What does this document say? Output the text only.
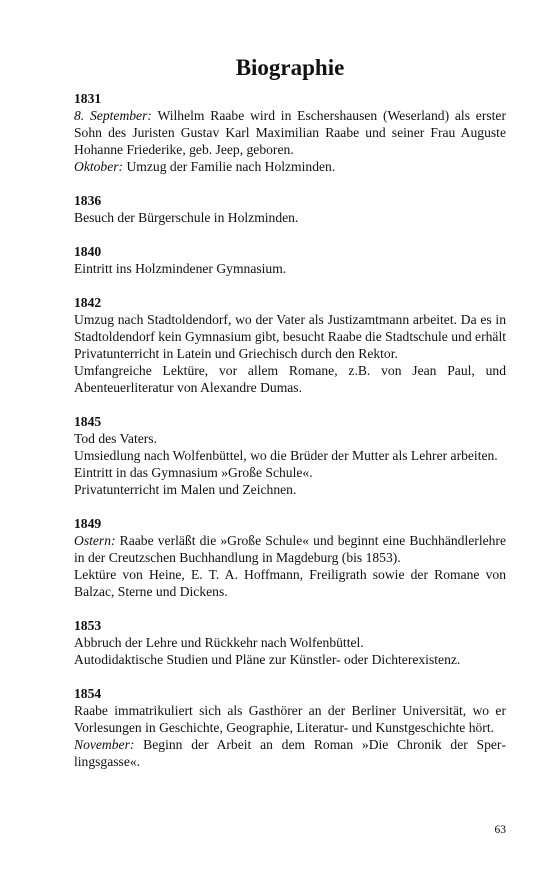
Biographie
1831
8. September: Wilhelm Raabe wird in Eschershausen (Weserland) als erster Sohn des Juristen Gustav Karl Maximilian Raabe und seiner Frau Auguste Hohanne Friederike, geb. Jeep, geboren.
Oktober: Umzug der Familie nach Holzminden.
1836
Besuch der Bürgerschule in Holzminden.
1840
Eintritt ins Holzmindener Gymnasium.
1842
Umzug nach Stadtoldendorf, wo der Vater als Justizamtmann arbeitet. Da es in Stadtoldendorf kein Gymnasium gibt, besucht Raabe die Stadtschule und erhält Privatunterricht in Latein und Griechisch durch den Rektor.
Umfangreiche Lektüre, vor allem Romane, z.B. von Jean Paul, und Abenteuerliteratur von Alexandre Dumas.
1845
Tod des Vaters.
Umsiedlung nach Wolfenbüttel, wo die Brüder der Mutter als Lehrer arbeiten.
Eintritt in das Gymnasium »Große Schule«.
Privatunterricht im Malen und Zeichnen.
1849
Ostern: Raabe verläßt die »Große Schule« und beginnt eine Buchhändlerlehre in der Creutzschen Buchhandlung in Magdeburg (bis 1853).
Lektüre von Heine, E. T. A. Hoffmann, Freiligrath sowie der Romane von Balzac, Sterne und Dickens.
1853
Abbruch der Lehre und Rückkehr nach Wolfenbüttel.
Autodidaktische Studien und Pläne zur Künstler- oder Dichterexistenz.
1854
Raabe immatrikuliert sich als Gasthörer an der Berliner Universität, wo er Vorlesungen in Geschichte, Geographie, Literatur- und Kunstgeschichte hört.
November: Beginn der Arbeit an dem Roman »Die Chronik der Sperlingsgasse«.
63
